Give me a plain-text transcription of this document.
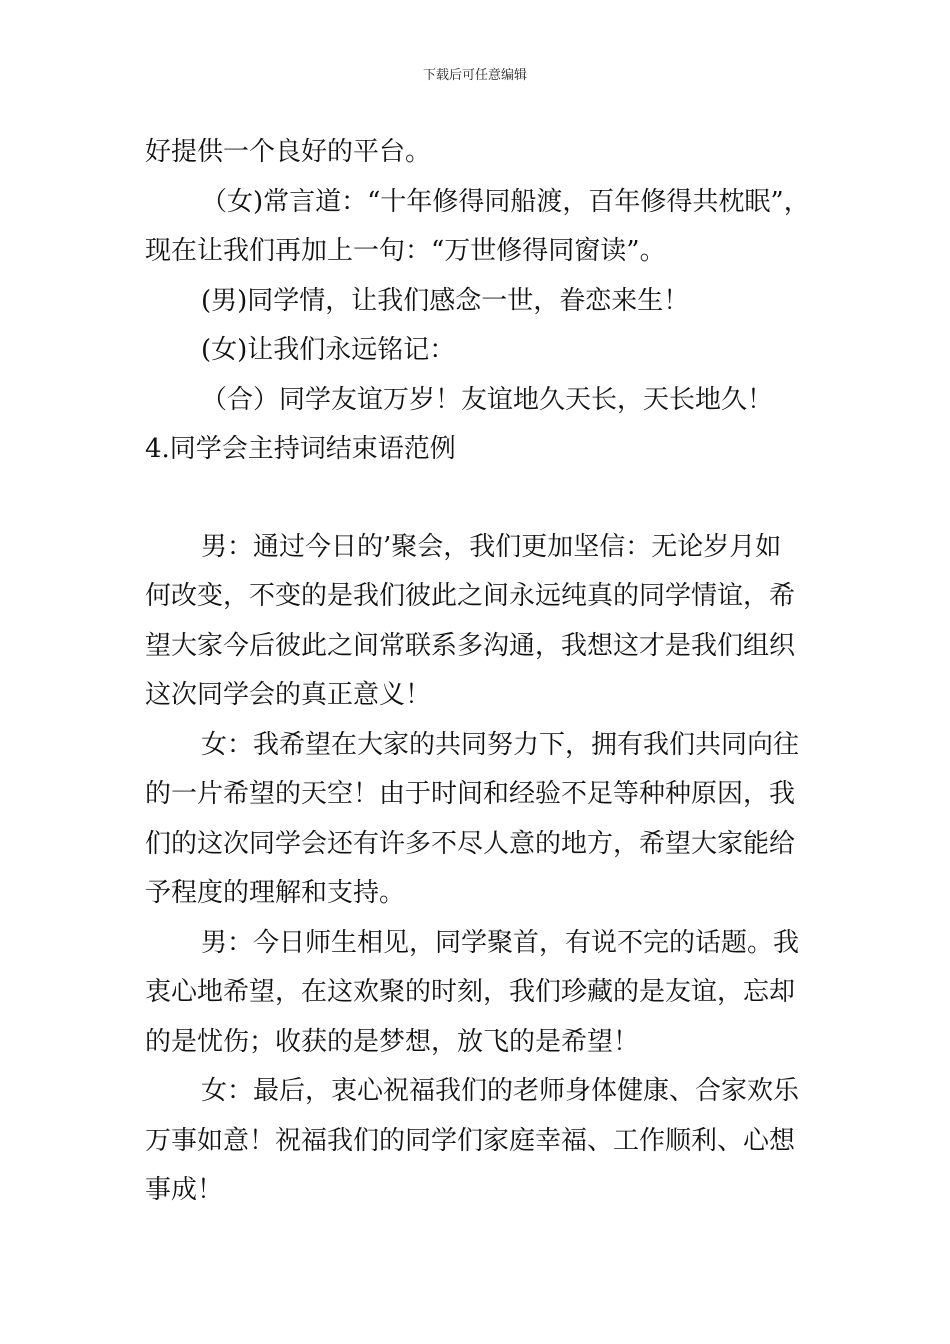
下载后可任意编辑
好提供一个良好的平台。
（女)常言道：“十年修得同船渡，百年修得共枕眠”，
现在让我们再加上一句：“万世修得同窗读”。
(男)同学情，让我们感念一世，眷恋来生！
(女)让我们永远铭记：
（合）同学友谊万岁！友谊地久天长，天长地久！
4.同学会主持词结束语范例
男：通过今日的’聚会，我们更加坚信：无论岁月如
何改变，不变的是我们彼此之间永远纯真的同学情谊，希
望大家今后彼此之间常联系多沟通，我想这才是我们组织
这次同学会的真正意义！
女：我希望在大家的共同努力下，拥有我们共同向往
的一片希望的天空！由于时间和经验不足等种种原因，我
们的这次同学会还有许多不尽人意的地方，希望大家能给
予程度的理解和支持。
男：今日师生相见，同学聚首，有说不完的话题。我
衷心地希望，在这欢聚的时刻，我们珍藏的是友谊，忘却
的是忧伤；收获的是梦想，放飞的是希望！
女：最后，衷心祝福我们的老师身体健康、合家欢乐
万事如意！祝福我们的同学们家庭幸福、工作顺利、心想
事成！
